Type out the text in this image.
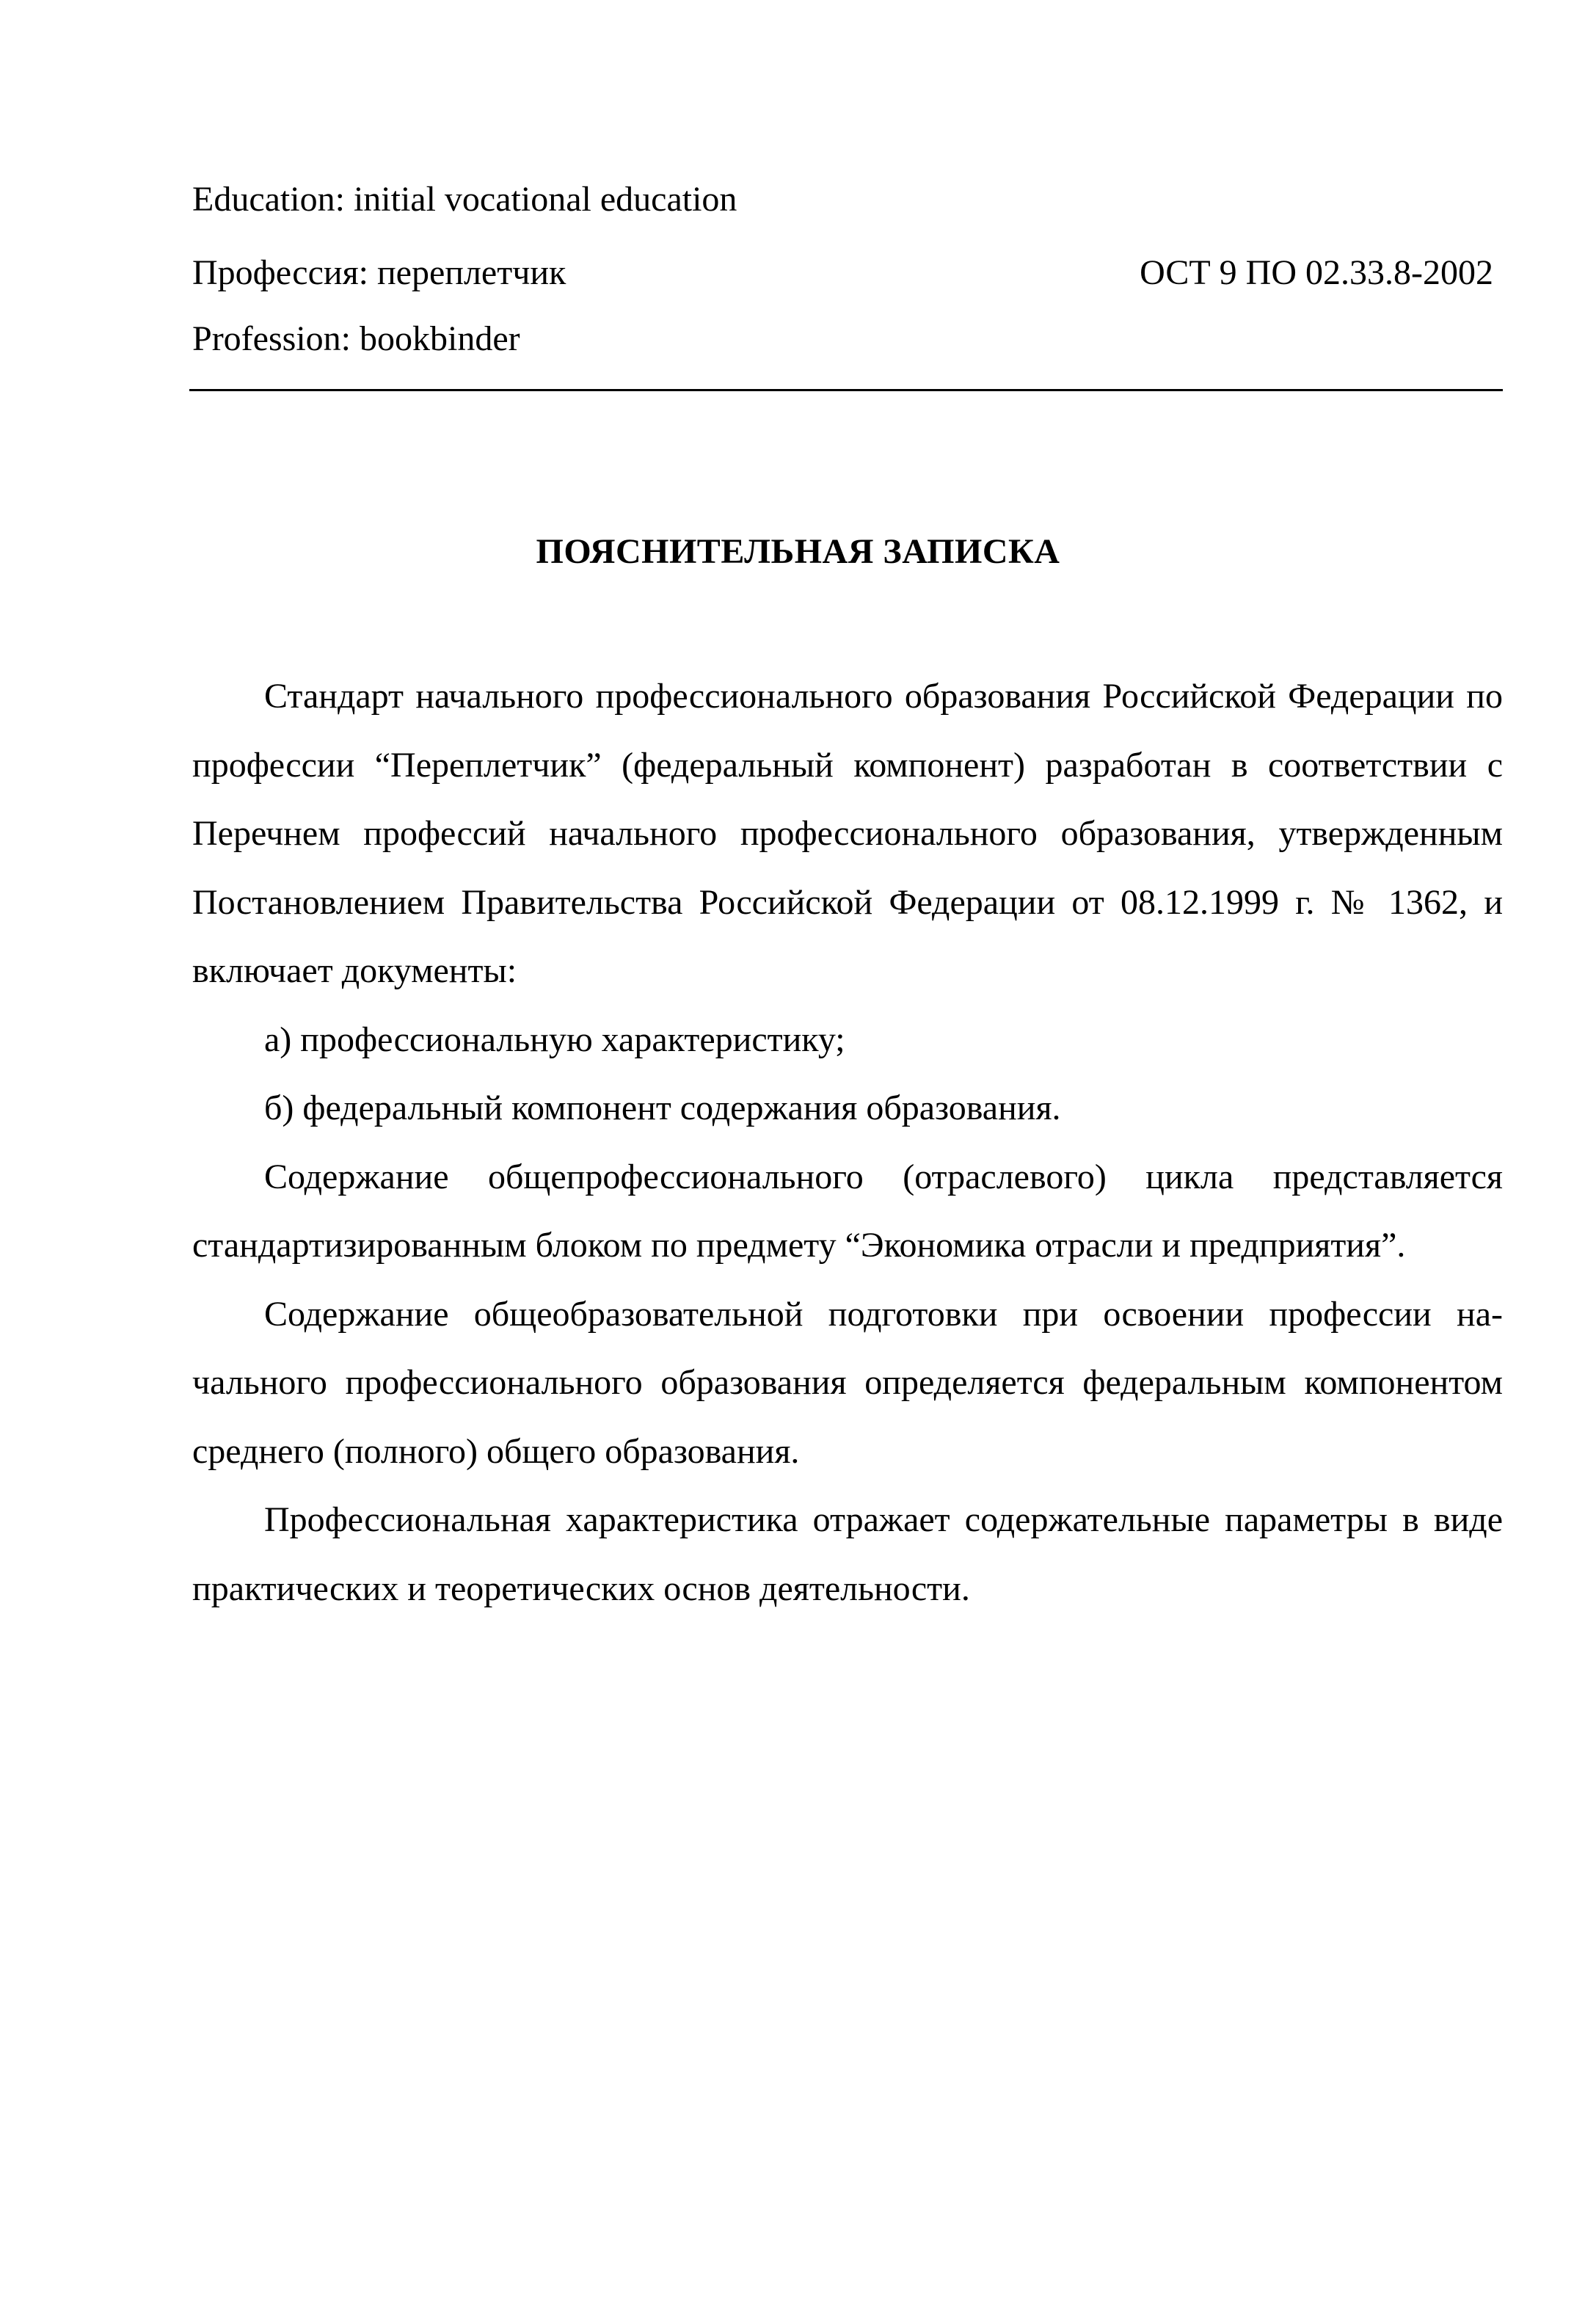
Education: initial vocational education
Профессия: переплетчик	ОСТ 9 ПО 02.33.8-2002
Profession: bookbinder
ПОЯСНИТЕЛЬНАЯ ЗАПИСКА

Стандарт начального профессионального образования Российской Федерации по профессии “Переплетчик” (федеральный компонент) разработан в соответствии с Перечнем профессий начального профессионального образования, утвержденным Постановлением Правительства Российской Федерации от 08.12.1999 г. № 1362, и включает документы:

а) профессиональную характеристику;

б) федеральный компонент содержания образования.

Содержание общепрофессионального (отраслевого) цикла представляется стандартизированным блоком по предмету “Экономика отрасли и предприятия”.

Содержание общеобразовательной подготовки при освоении профессии начального профессионального образования определяется федеральным компонентом среднего (полного) общего образования.

Профессиональная характеристика отражает содержательные параметры в виде практических и теоретических основ деятельности.
